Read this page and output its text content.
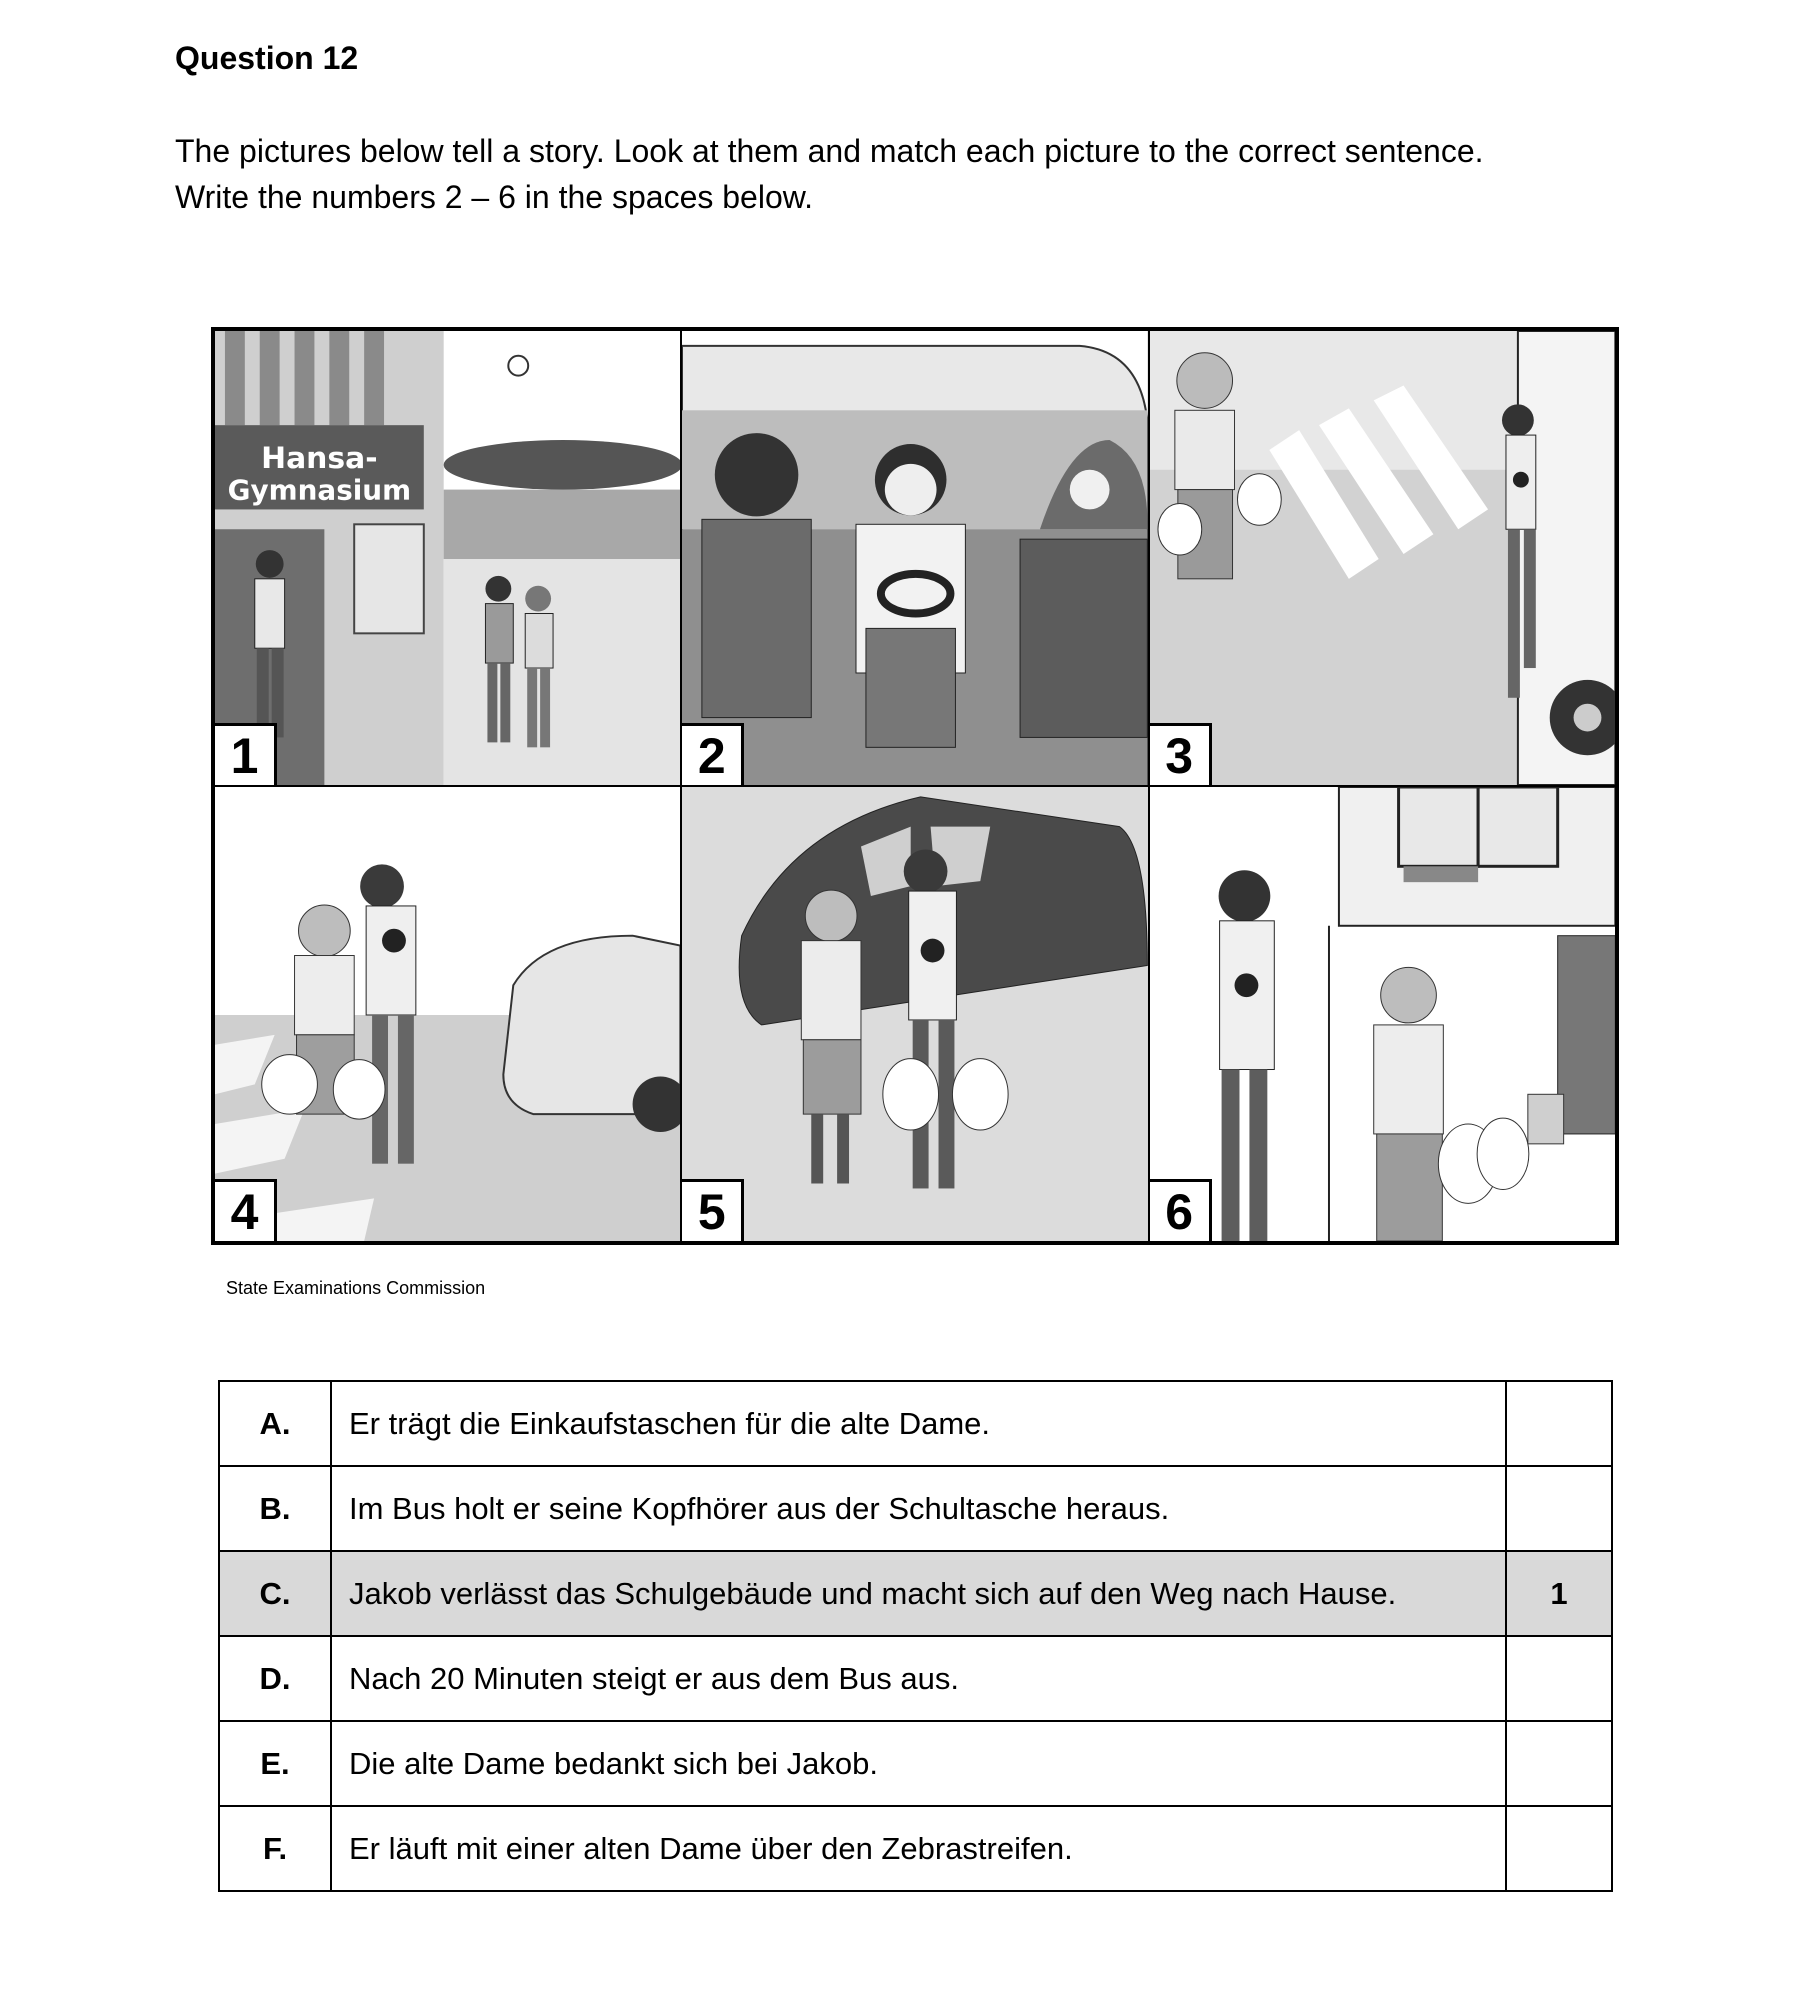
Question 12
The pictures below tell a story. Look at them and match each picture to the correct sentence.
Write the numbers 2 – 6 in the spaces below.
Hansa-
Gymnasium
1	2	3
4	5	6
State Examinations Commission
A.	Er trägt die Einkaufstaschen für die alte Dame.	
B.	Im Bus holt er seine Kopfhörer aus der Schultasche heraus.	
C.	Jakob verlässt das Schulgebäude und macht sich auf den Weg nach Hause.	1
D.	Nach 20 Minuten steigt er aus dem Bus aus.	
E.	Die alte Dame bedankt sich bei Jakob.	
F.	Er läuft mit einer alten Dame über den Zebrastreifen.	
